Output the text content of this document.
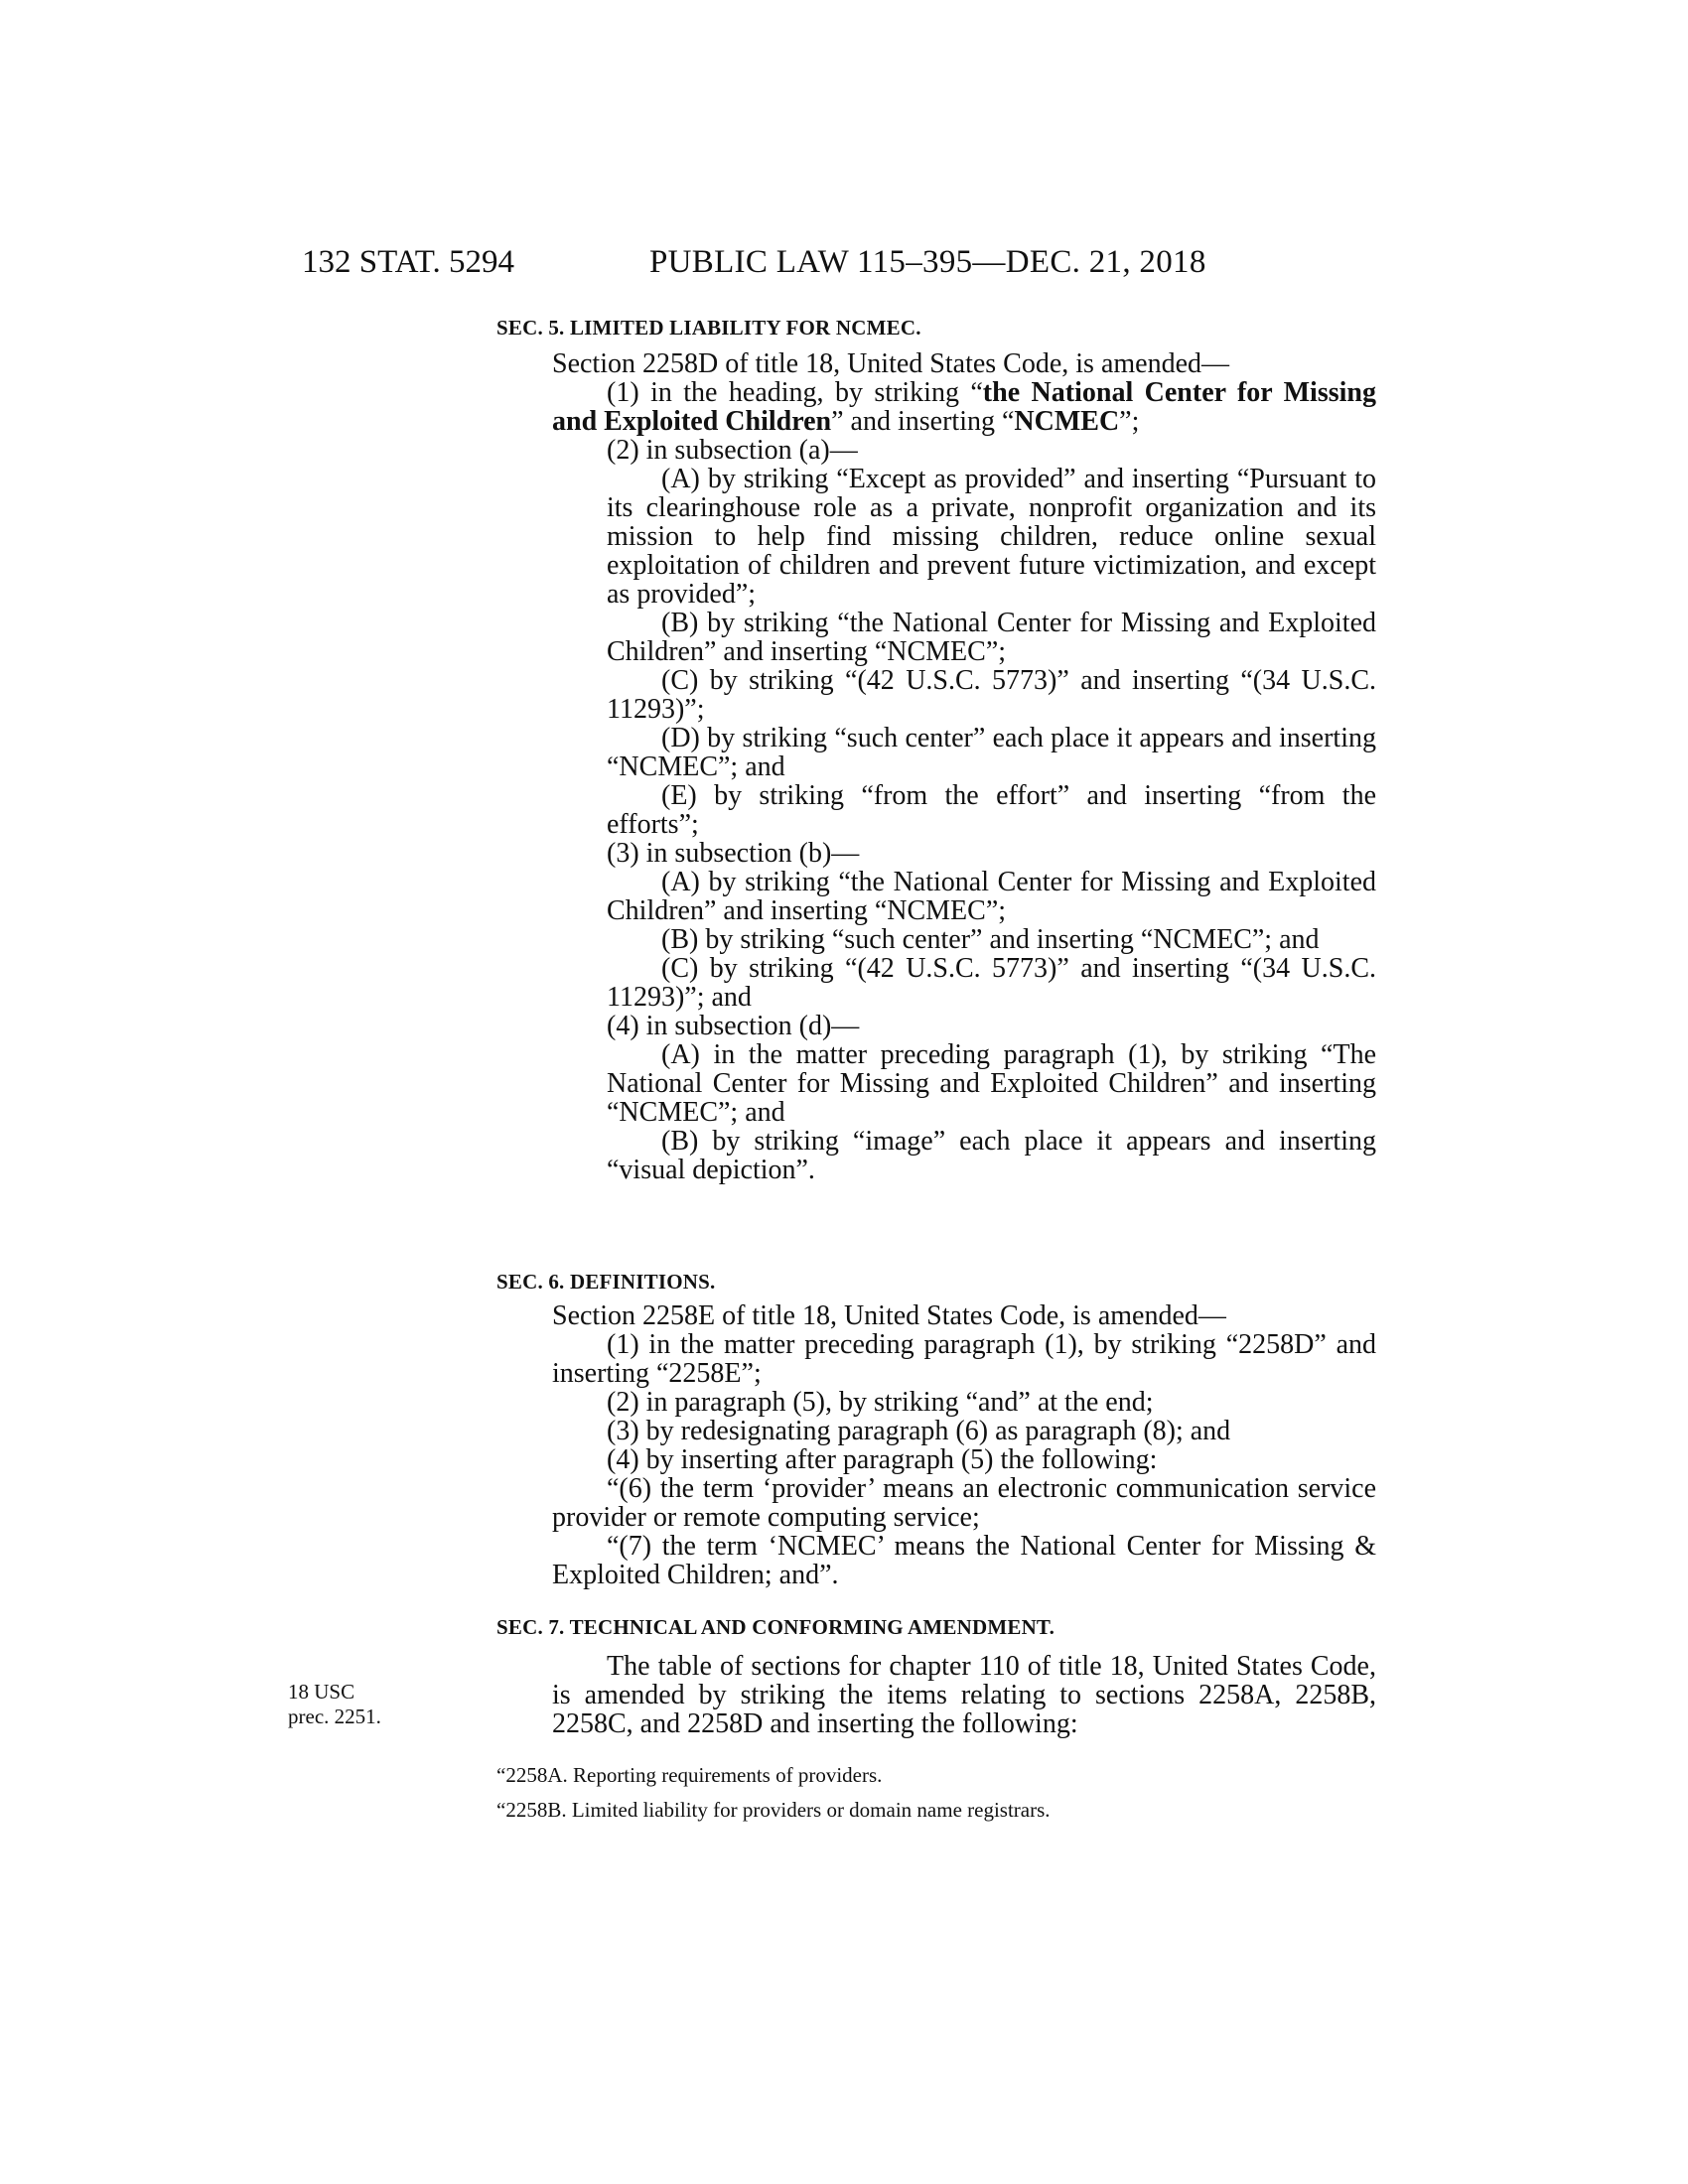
132 STAT. 5294	PUBLIC LAW 115–395—DEC. 21, 2018
SEC. 5. LIMITED LIABILITY FOR NCMEC.

Section 2258D of title 18, United States Code, is amended—

(1) in the heading, by striking “the National Center for Missing and Exploited Children” and inserting “NCMEC”;

(2) in subsection (a)—

(A) by striking “Except as provided” and inserting “Pursuant to its clearinghouse role as a private, nonprofit organization and its mission to help find missing children, reduce online sexual exploitation of children and prevent future victimization, and except as provided”;

(B) by striking “the National Center for Missing and Exploited Children” and inserting “NCMEC”;

(C) by striking “(42 U.S.C. 5773)” and inserting “(34 U.S.C. 11293)”;

(D) by striking “such center” each place it appears and inserting “NCMEC”; and

(E) by striking “from the effort” and inserting “from the efforts”;

(3) in subsection (b)—

(A) by striking “the National Center for Missing and Exploited Children” and inserting “NCMEC”;

(B) by striking “such center” and inserting “NCMEC”; and

(C) by striking “(42 U.S.C. 5773)” and inserting “(34 U.S.C. 11293)”; and

(4) in subsection (d)—

(A) in the matter preceding paragraph (1), by striking “The National Center for Missing and Exploited Children” and inserting “NCMEC”; and

(B) by striking “image” each place it appears and inserting “visual depiction”.

SEC. 6. DEFINITIONS.

Section 2258E of title 18, United States Code, is amended—

(1) in the matter preceding paragraph (1), by striking “2258D” and inserting “2258E”;

(2) in paragraph (5), by striking “and” at the end;

(3) by redesignating paragraph (6) as paragraph (8); and

(4) by inserting after paragraph (5) the following:

“(6) the term ‘provider’ means an electronic communication service provider or remote computing service;

“(7) the term ‘NCMEC’ means the National Center for Missing & Exploited Children; and”.

SEC. 7. TECHNICAL AND CONFORMING AMENDMENT.
18 USC
prec. 2251.

The table of sections for chapter 110 of title 18, United States Code, is amended by striking the items relating to sections 2258A, 2258B, 2258C, and 2258D and inserting the following:

“2258A. Reporting requirements of providers.
“2258B. Limited liability for providers or domain name registrars.
